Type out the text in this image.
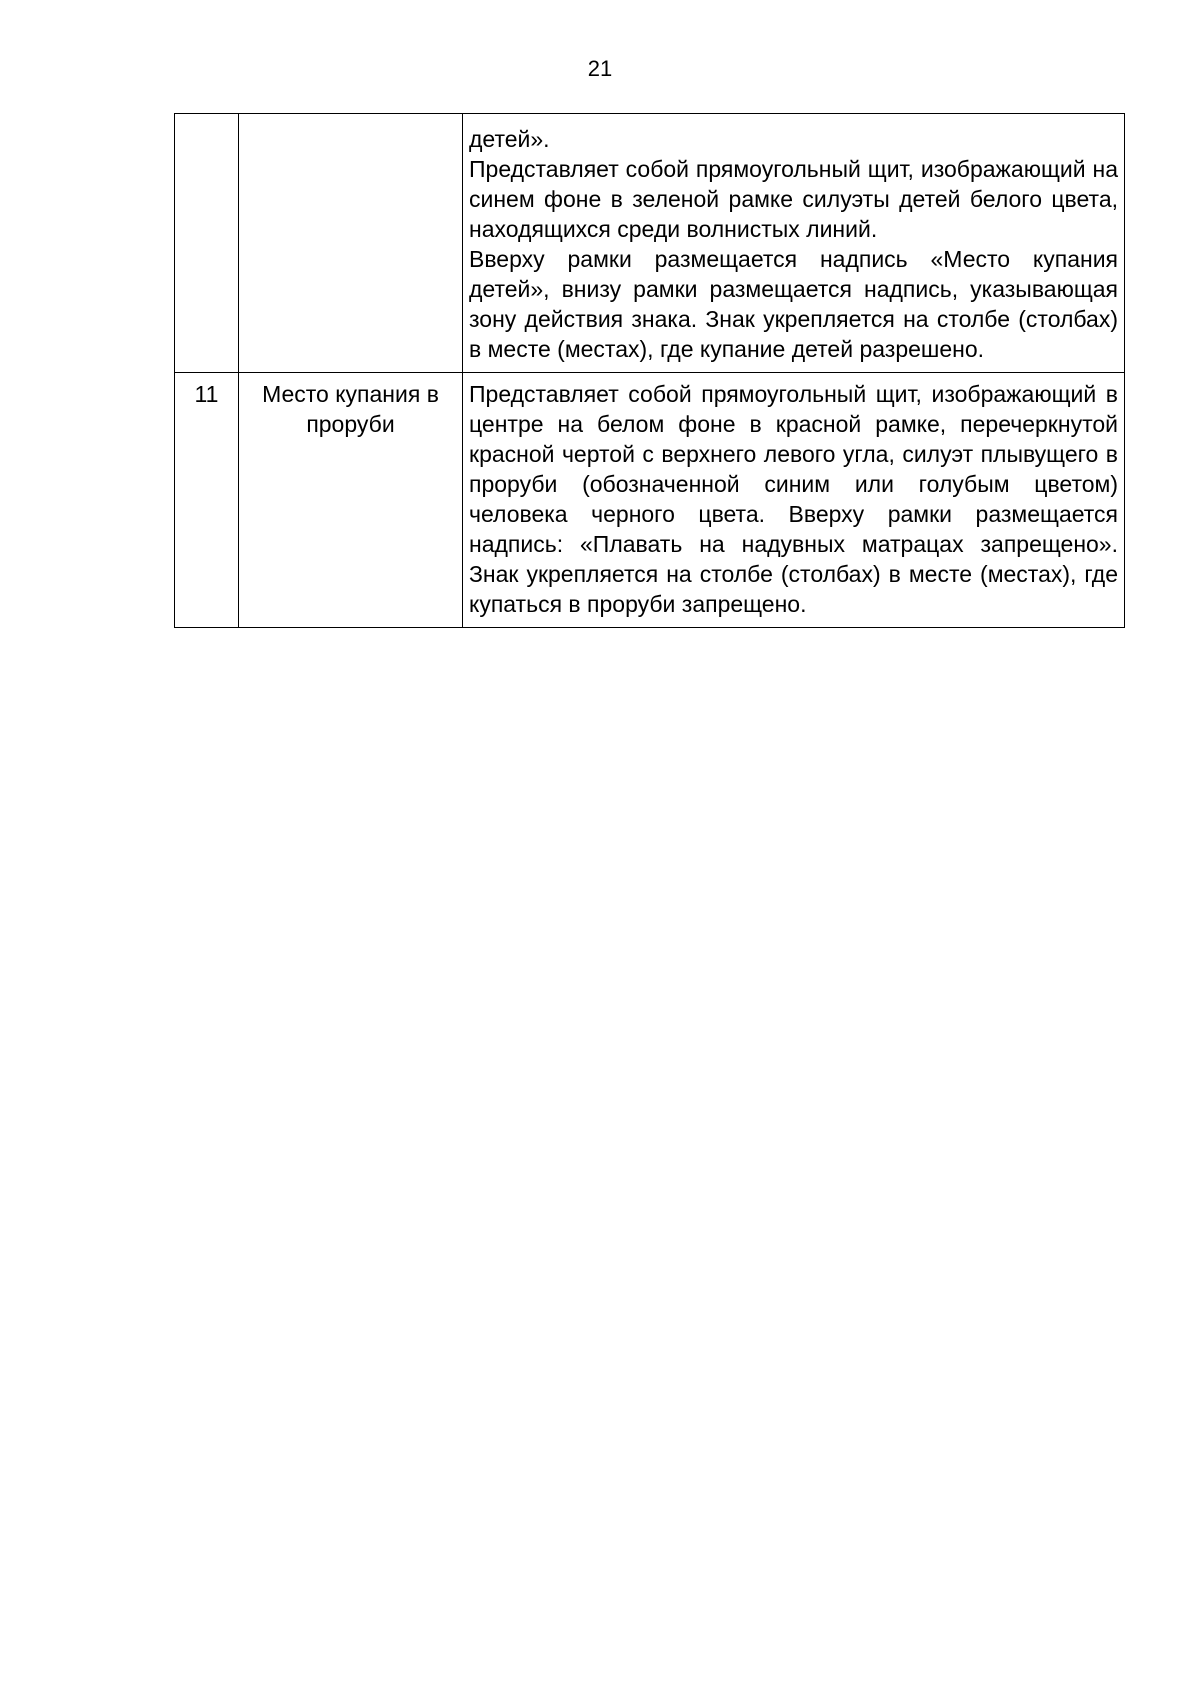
21

		детей».

Представляет собой прямоугольный щит, изображающий на синем фоне в зеленой рамке силуэты детей белого цвета, находящихся среди волнистых линий.

Вверху рамки размещается надпись «Место купания детей», внизу рамки размещается надпись, указывающая зону действия знака. Знак укрепляется на столбе (столбах) в месте (местах), где купание детей разрешено.

11	Место купания в проруби	Представляет собой прямоугольный щит, изображающий в центре на белом фоне в красной рамке, перечеркнутой красной чертой с верхнего левого угла, силуэт плывущего в проруби (обозначенной синим или голубым цветом) человека черного цвета. Вверху рамки размещается надпись: «Плавать на надувных матрацах запрещено». Знак укрепляется на столбе (столбах) в месте (местах), где купаться в проруби запрещено.
